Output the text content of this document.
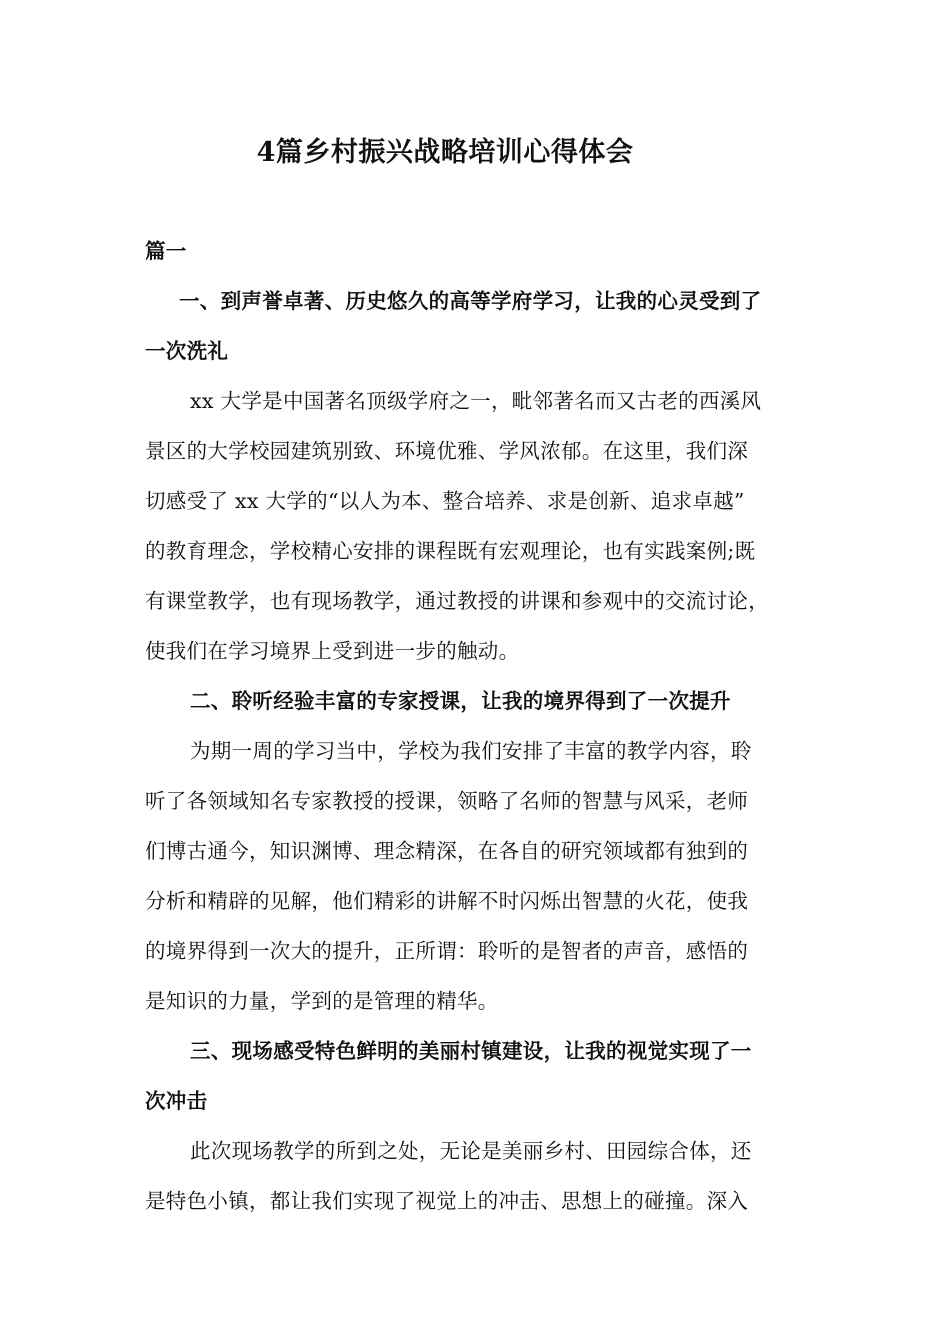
4篇乡村振兴战略培训心得体会
篇一
一、到声誉卓著、历史悠久的高等学府学习，让我的心灵受到了
一次洗礼
xx 大学是中国著名顶级学府之一，毗邻著名而又古老的西溪风
景区的大学校园建筑别致、环境优雅、学风浓郁。在这里，我们深
切感受了 xx 大学的“以人为本、整合培养、求是创新、追求卓越”
的教育理念，学校精心安排的课程既有宏观理论，也有实践案例;既
有课堂教学，也有现场教学，通过教授的讲课和参观中的交流讨论，
使我们在学习境界上受到进一步的触动。
二、聆听经验丰富的专家授课，让我的境界得到了一次提升
为期一周的学习当中，学校为我们安排了丰富的教学内容，聆
听了各领域知名专家教授的授课，领略了名师的智慧与风采，老师
们博古通今，知识渊博、理念精深，在各自的研究领域都有独到的
分析和精辟的见解，他们精彩的讲解不时闪烁出智慧的火花，使我
的境界得到一次大的提升，正所谓：聆听的是智者的声音，感悟的
是知识的力量，学到的是管理的精华。
三、现场感受特色鲜明的美丽村镇建设，让我的视觉实现了一
次冲击
此次现场教学的所到之处，无论是美丽乡村、田园综合体，还
是特色小镇，都让我们实现了视觉上的冲击、思想上的碰撞。深入
